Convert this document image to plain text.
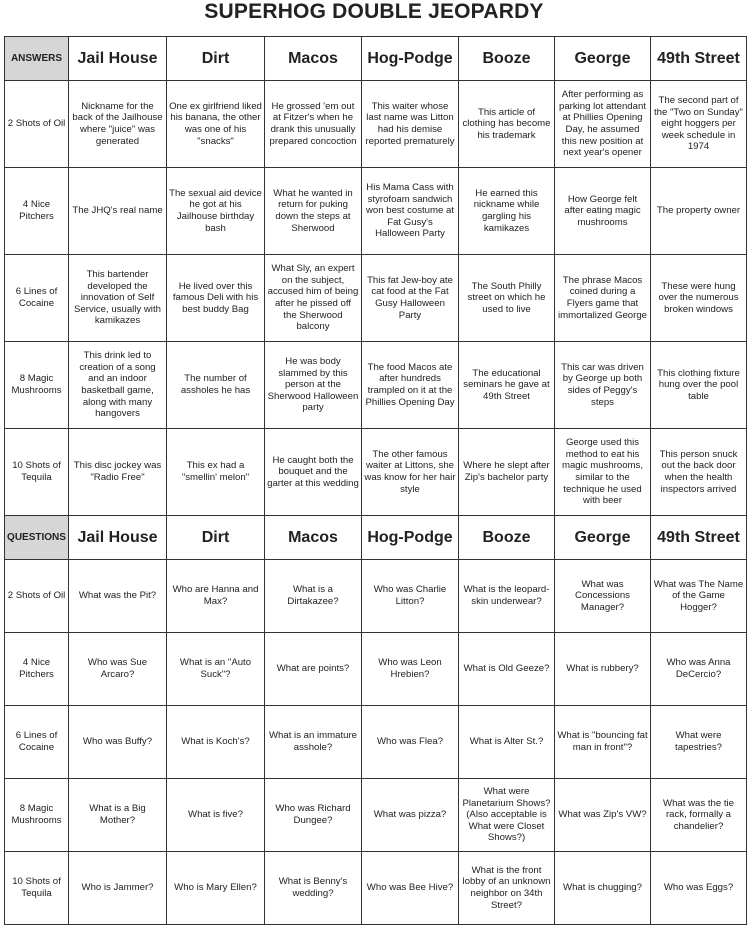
SUPERHOG DOUBLE JEOPARDY
ANSWERS	Jail House	Dirt	Macos	Hog-Podge	Booze	George	49th Street
2 Shots of Oil	Nickname for the back of the Jailhouse where "juice" was generated	One ex girlfriend liked his banana, the other was one of his "snacks"	He grossed 'em out at Fitzer's when he drank this unusually prepared concoction	This waiter whose last name was Litton had his demise reported prematurely	This article of clothing has become his trademark	After performing as parking lot attendant at Phillies Opening Day, he assumed this new position at next year's opener	The second part of the "Two on Sunday" eight hoggers per week schedule in 1974
4 Nice Pitchers	The JHQ's real name	The sexual aid device he got at his Jailhouse birthday bash	What he wanted in return for puking down the steps at Sherwood	His Mama Cass with styrofoam sandwich won best costume at Fat Gusy's Halloween Party	He earned this nickname while gargling his kamikazes	How George felt after eating magic mushrooms	The property owner
6 Lines of Cocaine	This bartender developed the innovation of Self Service, usually with kamikazes	He lived over this famous Deli with his best buddy Bag	What Sly, an expert on the subject, accused him of being after he pissed off the Sherwood balcony	This fat Jew-boy ate cat food at the Fat Gusy Halloween Party	The South Philly street on which he used to live	The phrase Macos coined during a Flyers game that immortalized George	These were hung over the numerous broken windows
8 Magic Mushrooms	This drink led to creation of a song and an indoor basketball game, along with many hangovers	The number of assholes he has	He was body slammed by this person at the Sherwood Halloween party	The food Macos ate after hundreds trampled on it at the Phillies Opening Day	The educational seminars he gave at 49th Street	This car was driven by George up both sides of Peggy's steps	This clothing fixture hung over the pool table
10 Shots of Tequila	This disc jockey was "Radio Free"	This ex had a "smellin' melon"	He caught both the bouquet and the garter at this wedding	The other famous waiter at Littons, she was know for her hair style	Where he slept after Zip's bachelor party	George used this method to eat his magic mushrooms, similar to the technique he used with beer	This person snuck out the back door when the health inspectors arrived
QUESTIONS	Jail House	Dirt	Macos	Hog-Podge	Booze	George	49th Street
2 Shots of Oil	What was the Pit?	Who are Hanna and Max?	What is a Dirtakazee?	Who was Charlie Litton?	What is the leopard-skin underwear?	What was Concessions Manager?	What was The Name of the Game Hogger?
4 Nice Pitchers	Who was Sue Arcaro?	What is an "Auto Suck"?	What are points?	Who was Leon Hrebien?	What is Old Geeze?	What is rubbery?	Who was Anna DeCercio?
6 Lines of Cocaine	Who was Buffy?	What is Koch's?	What is an immature asshole?	Who was Flea?	What is Alter St.?	What is "bouncing fat man in front"?	What were tapestries?
8 Magic Mushrooms	What is a Big Mother?	What is five?	Who was Richard Dungee?	What was pizza?	What were Planetarium Shows? (Also acceptable is What were Closet Shows?)	What was Zip's VW?	What was the tie rack, formally a chandelier?
10 Shots of Tequila	Who is Jammer?	Who is Mary Ellen?	What is Benny's wedding?	Who was Bee Hive?	What is the front lobby of an unknown neighbor on 34th Street?	What is chugging?	Who was Eggs?
